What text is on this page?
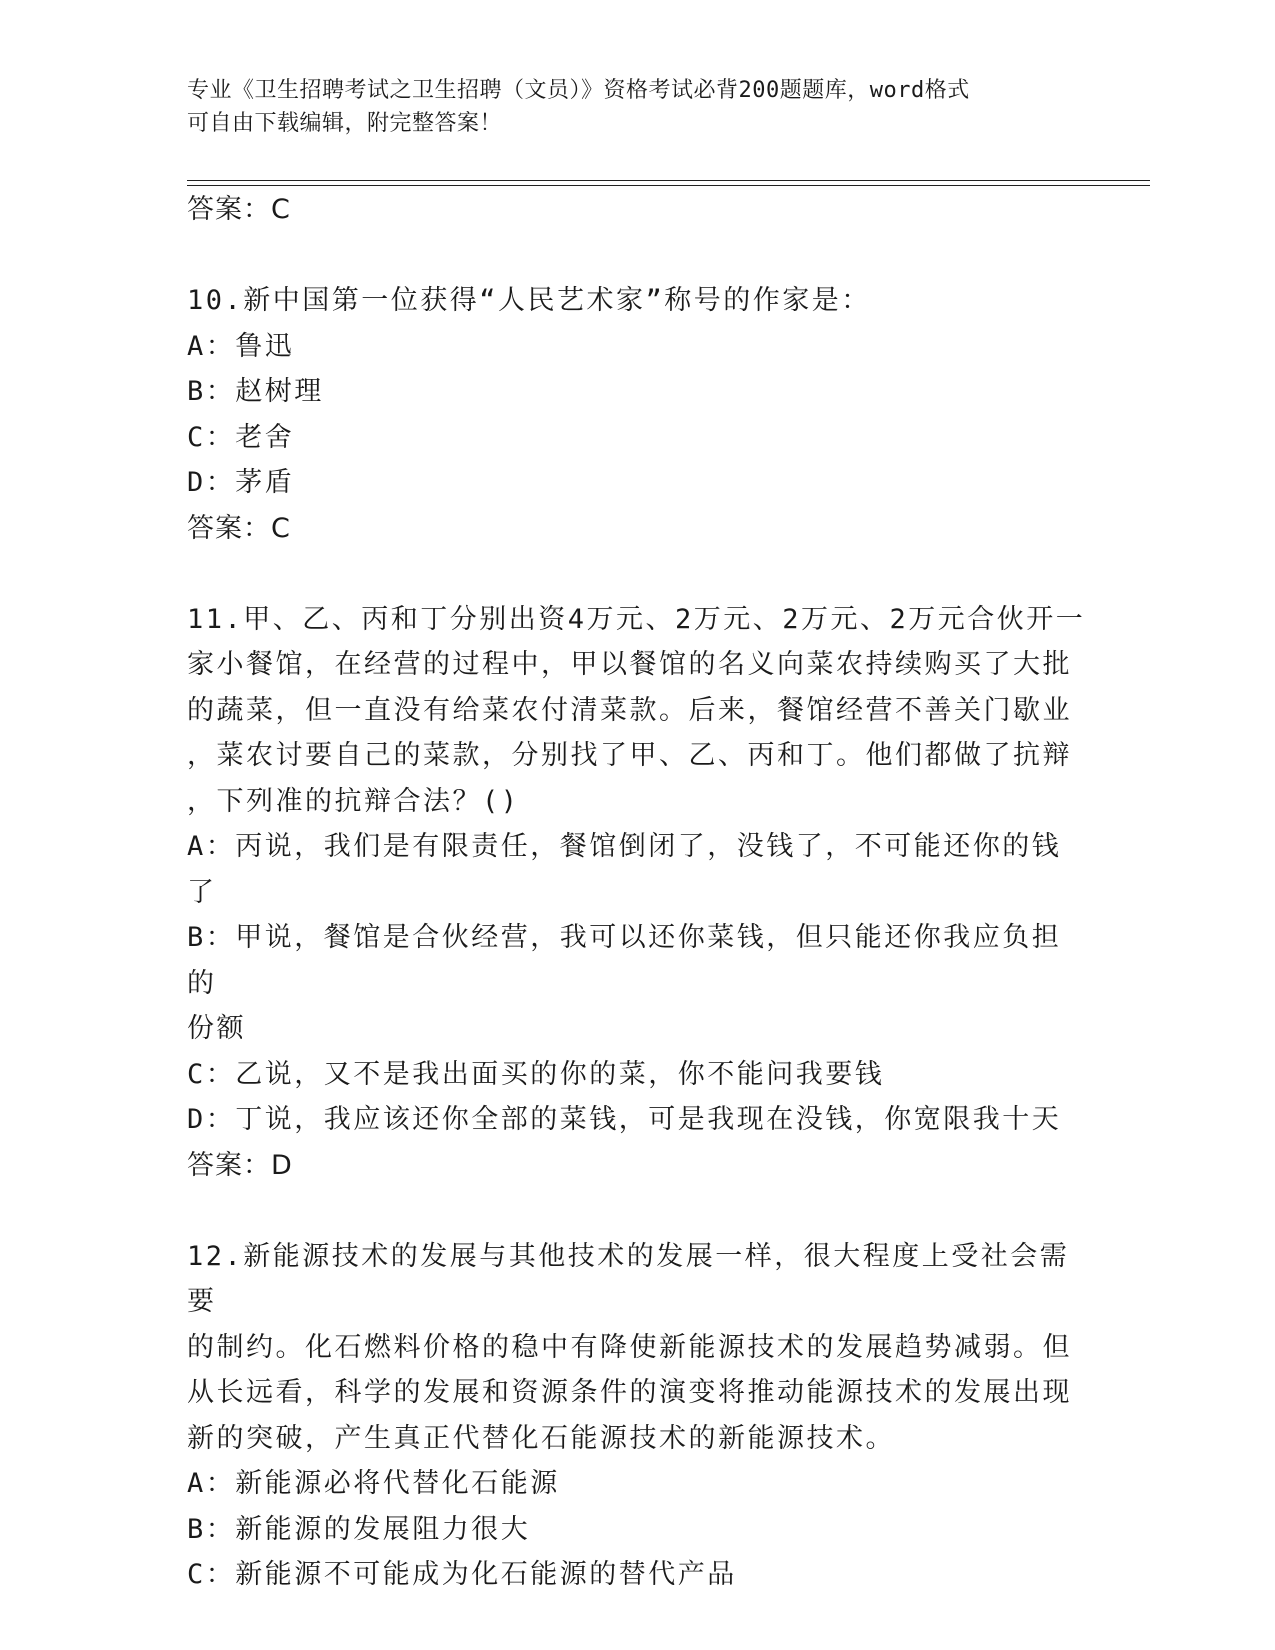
专业《卫生招聘考试之卫生招聘（文员）》资格考试必背200题题库，word格式
可自由下载编辑，附完整答案！
答案：C
10.新中国第一位获得“人民艺术家”称号的作家是：
A：鲁迅
B：赵树理
C：老舍
D：茅盾
答案：C
11.甲、乙、丙和丁分别出资4万元、2万元、2万元、2万元合伙开一
家小餐馆，在经营的过程中，甲以餐馆的名义向菜农持续购买了大批
的蔬菜，但一直没有给菜农付清菜款。后来，餐馆经营不善关门歇业
，菜农讨要自己的菜款，分别找了甲、乙、丙和丁。他们都做了抗辩
，下列准的抗辩合法？()
A：丙说，我们是有限责任，餐馆倒闭了，没钱了，不可能还你的钱了
B：甲说，餐馆是合伙经营，我可以还你菜钱，但只能还你我应负担的
份额
C：乙说，又不是我出面买的你的菜，你不能问我要钱
D：丁说，我应该还你全部的菜钱，可是我现在没钱，你宽限我十天
答案：D
12.新能源技术的发展与其他技术的发展一样，很大程度上受社会需要
的制约。化石燃料价格的稳中有降使新能源技术的发展趋势减弱。但
从长远看，科学的发展和资源条件的演变将推动能源技术的发展出现
新的突破，产生真正代替化石能源技术的新能源技术。
A：新能源必将代替化石能源
B：新能源的发展阻力很大
C：新能源不可能成为化石能源的替代产品
